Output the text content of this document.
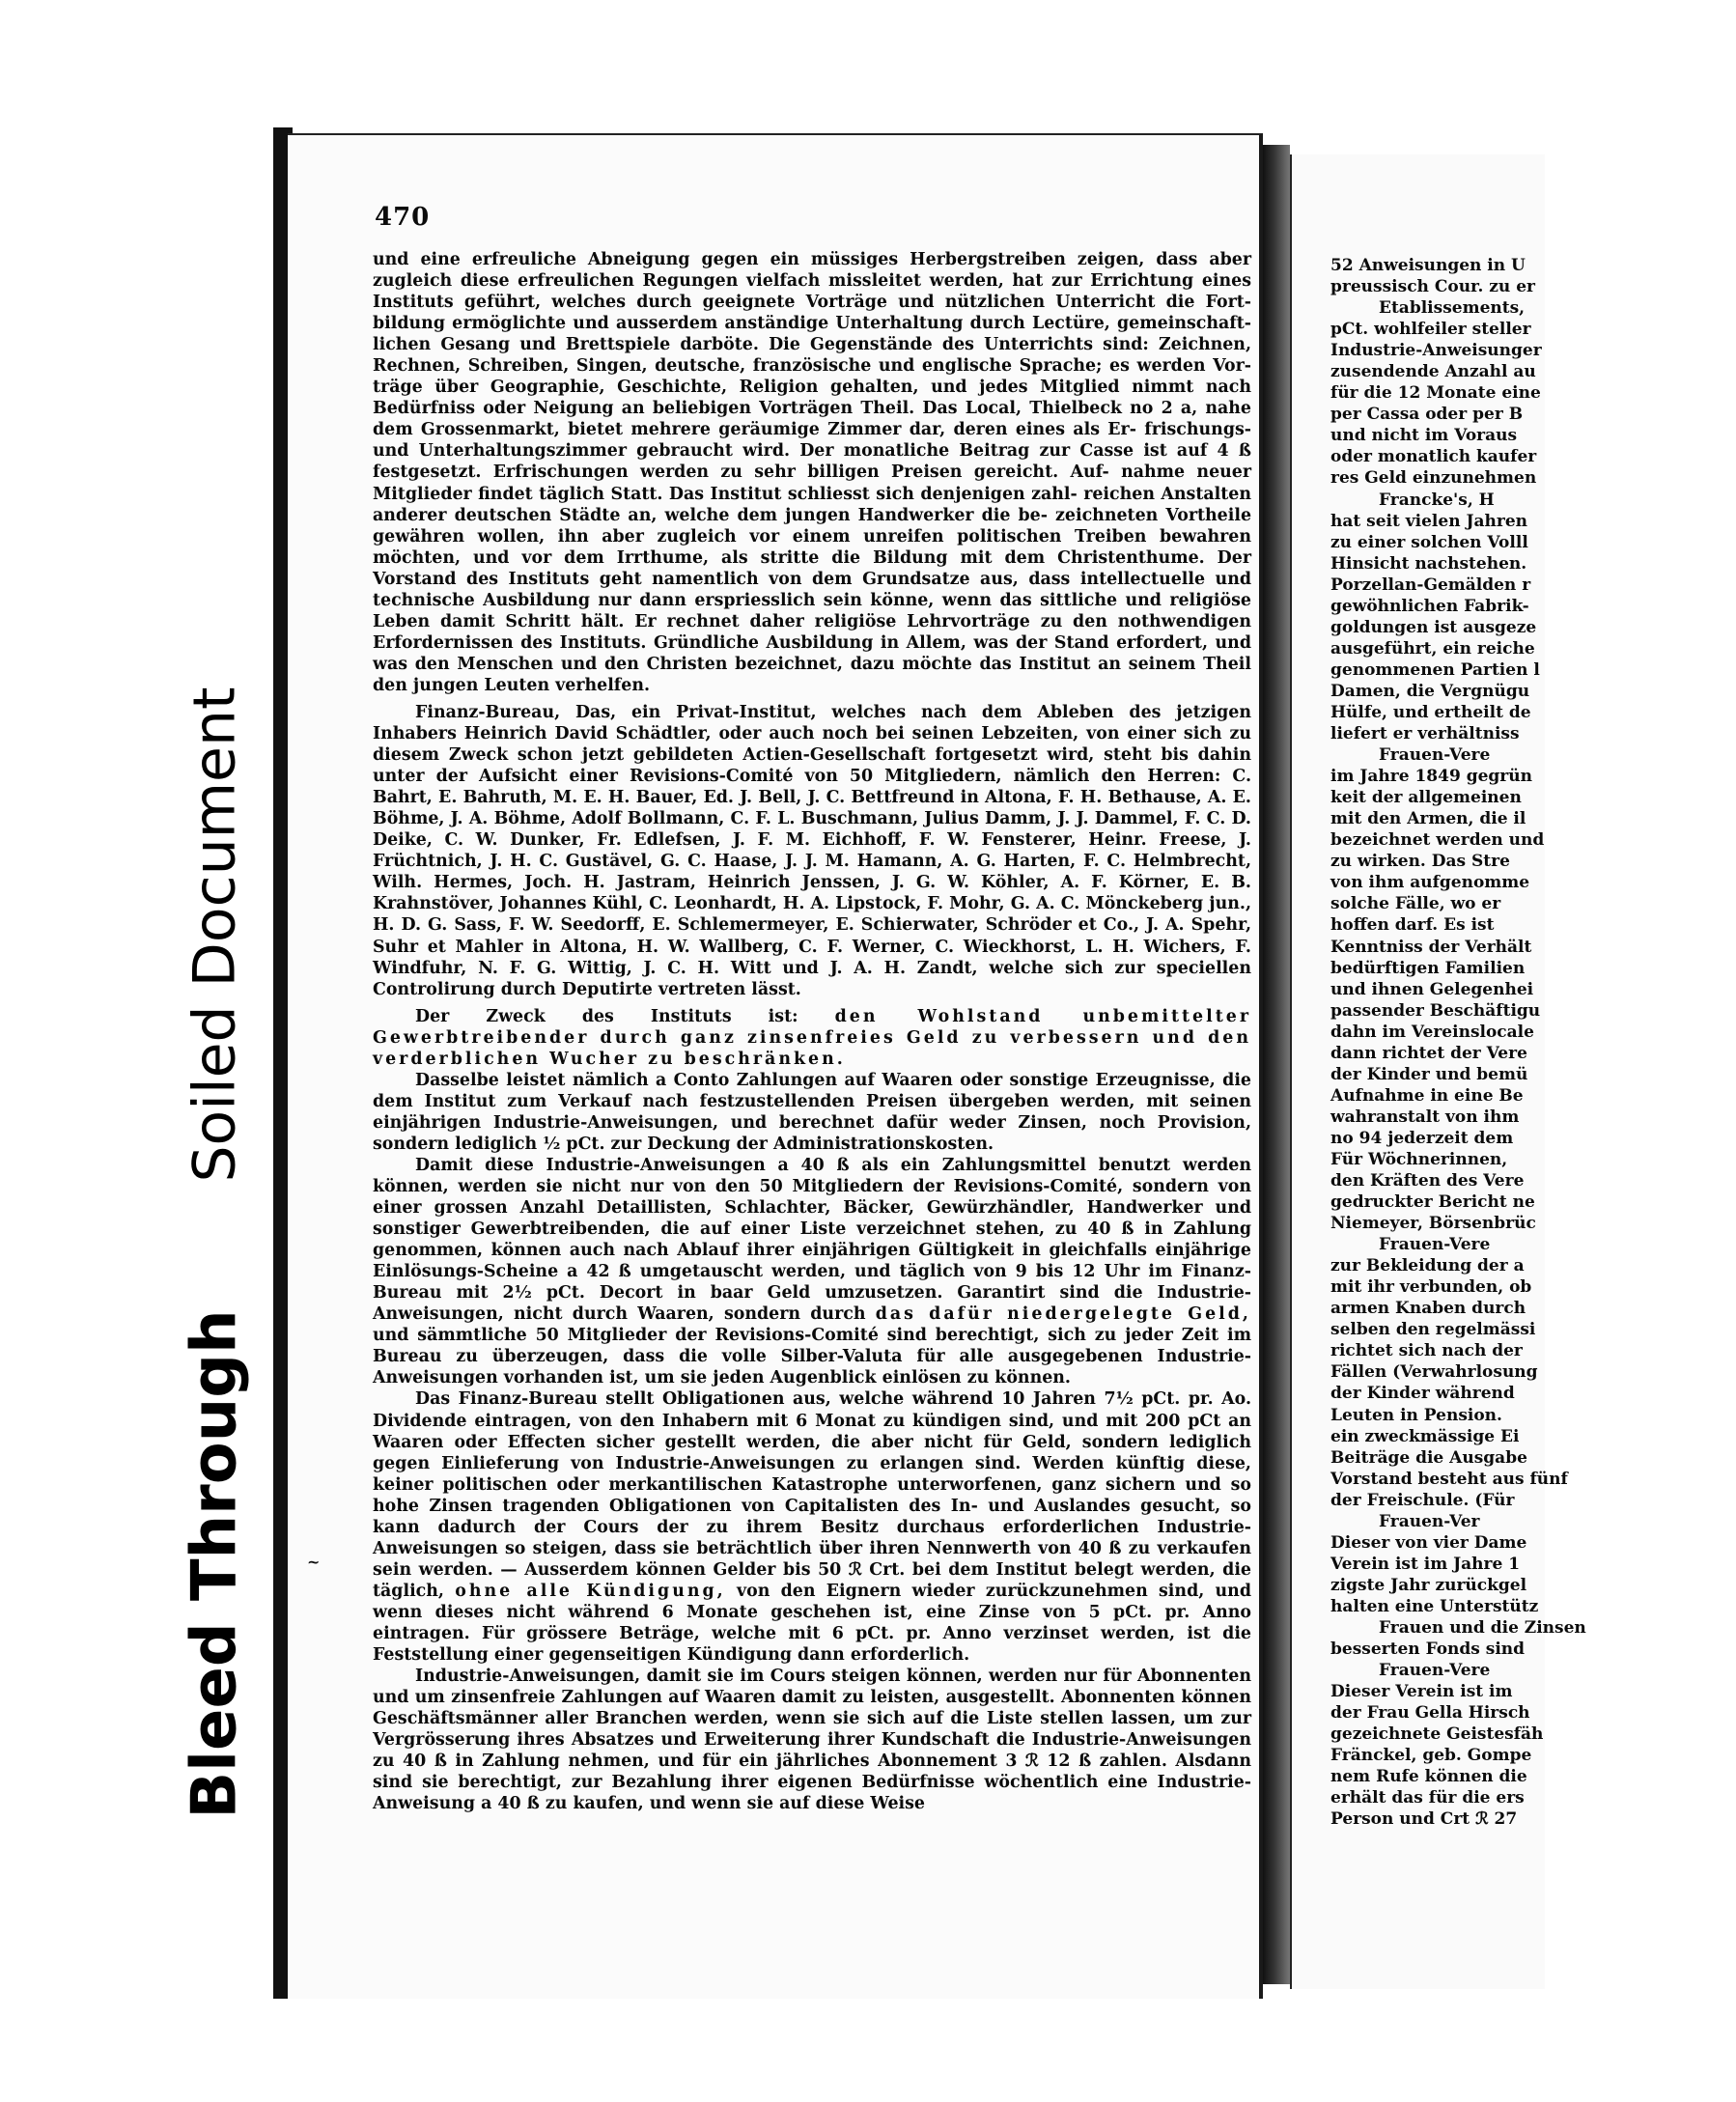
470

und eine erfreuliche Abneigung gegen ein müssiges Herbergstreiben zeigen, dass aber zugleich diese erfreulichen Regungen vielfach missleitet werden, hat zur Errichtung eines Instituts geführt, welches durch geeignete Vorträge und nützlichen Unterricht die Fort- bildung ermöglichte und ausserdem anständige Unterhaltung durch Lectüre, gemeinschaft- lichen Gesang und Brettspiele darböte. Die Gegenstände des Unterrichts sind: Zeichnen, Rechnen, Schreiben, Singen, deutsche, französische und englische Sprache; es werden Vor- träge über Geographie, Geschichte, Religion gehalten, und jedes Mitglied nimmt nach Bedürfniss oder Neigung an beliebigen Vorträgen Theil. Das Local, Thielbeck no 2 a, nahe dem Grossenmarkt, bietet mehrere geräumige Zimmer dar, deren eines als Er- frischungs- und Unterhaltungszimmer gebraucht wird. Der monatliche Beitrag zur Casse ist auf 4 ß festgesetzt. Erfrischungen werden zu sehr billigen Preisen gereicht. Auf- nahme neuer Mitglieder findet täglich Statt. Das Institut schliesst sich denjenigen zahl- reichen Anstalten anderer deutschen Städte an, welche dem jungen Handwerker die be- zeichneten Vortheile gewähren wollen, ihn aber zugleich vor einem unreifen politischen Treiben bewahren möchten, und vor dem Irrthume, als stritte die Bildung mit dem Christenthume. Der Vorstand des Instituts geht namentlich von dem Grundsatze aus, dass intellectuelle und technische Ausbildung nur dann erspriesslich sein könne, wenn das sittliche und religiöse Leben damit Schritt hält. Er rechnet daher religiöse Lehrvorträge zu den nothwendigen Erfordernissen des Instituts. Gründliche Ausbildung in Allem, was der Stand erfordert, und was den Menschen und den Christen bezeichnet, dazu möchte das Institut an seinem Theil den jungen Leuten verhelfen.

Finanz-Bureau, Das, ein Privat-Institut, welches nach dem Ableben des jetzigen Inhabers Heinrich David Schädtler, oder auch noch bei seinen Lebzeiten, von einer sich zu diesem Zweck schon jetzt gebildeten Actien-Gesellschaft fortgesetzt wird, steht bis dahin unter der Aufsicht einer Revisions-Comité von 50 Mitgliedern, nämlich den Herren: C. Bahrt, E. Bahruth, M. E. H. Bauer, Ed. J. Bell, J. C. Bettfreund in Altona, F. H. Bethause, A. E. Böhme, J. A. Böhme, Adolf Bollmann, C. F. L. Buschmann, Julius Damm, J. J. Dammel, F. C. D. Deike, C. W. Dunker, Fr. Edlefsen, J. F. M. Eichhoff, F. W. Fensterer, Heinr. Freese, J. Früchtnich, J. H. C. Gustävel, G. C. Haase, J. J. M. Hamann, A. G. Harten, F. C. Helmbrecht, Wilh. Hermes, Joch. H. Jastram, Heinrich Jenssen, J. G. W. Köhler, A. F. Körner, E. B. Krahnstöver, Johannes Kühl, C. Leonhardt, H. A. Lipstock, F. Mohr, G. A. C. Mönckeberg jun., H. D. G. Sass, F. W. Seedorff, E. Schlemermeyer, E. Schierwater, Schröder et Co., J. A. Spehr, Suhr et Mahler in Altona, H. W. Wallberg, C. F. Werner, C. Wieckhorst, L. H. Wichers, F. Windfuhr, N. F. G. Wittig, J. C. H. Witt und J. A. H. Zandt, welche sich zur speciellen Controlirung durch Deputirte vertreten lässt.

Der Zweck des Instituts ist: den Wohlstand unbemittelter Gewerbtreibender durch ganz zinsenfreies Geld zu verbessern und den verderblichen Wucher zu beschränken.

Dasselbe leistet nämlich a Conto Zahlungen auf Waaren oder sonstige Erzeugnisse, die dem Institut zum Verkauf nach festzustellenden Preisen übergeben werden, mit seinen einjährigen Industrie-Anweisungen, und berechnet dafür weder Zinsen, noch Provision, sondern lediglich ½ pCt. zur Deckung der Administrationskosten.

Damit diese Industrie-Anweisungen a 40 ß als ein Zahlungsmittel benutzt werden können, werden sie nicht nur von den 50 Mitgliedern der Revisions-Comité, sondern von einer grossen Anzahl Detaillisten, Schlachter, Bäcker, Gewürzhändler, Handwerker und sonstiger Gewerbtreibenden, die auf einer Liste verzeichnet stehen, zu 40 ß in Zahlung genommen, können auch nach Ablauf ihrer einjährigen Gültigkeit in gleichfalls einjährige Einlösungs-Scheine a 42 ß umgetauscht werden, und täglich von 9 bis 12 Uhr im Finanz-Bureau mit 2½ pCt. Decort in baar Geld umzusetzen. Garantirt sind die Industrie-Anweisungen, nicht durch Waaren, sondern durch das dafür niedergelegte Geld, und sämmtliche 50 Mitglieder der Revisions-Comité sind berechtigt, sich zu jeder Zeit im Bureau zu überzeugen, dass die volle Silber-Valuta für alle ausgegebenen Industrie-Anweisungen vorhanden ist, um sie jeden Augenblick einlösen zu können.

Das Finanz-Bureau stellt Obligationen aus, welche während 10 Jahren 7½ pCt. pr. Ao. Dividende eintragen, von den Inhabern mit 6 Monat zu kündigen sind, und mit 200 pCt an Waaren oder Effecten sicher gestellt werden, die aber nicht für Geld, sondern lediglich gegen Einlieferung von Industrie-Anweisungen zu erlangen sind. Werden künftig diese, keiner politischen oder merkantilischen Katastrophe unterworfenen, ganz sichern und so hohe Zinsen tragenden Obligationen von Capitalisten des In- und Auslandes gesucht, so kann dadurch der Cours der zu ihrem Besitz durchaus erforderlichen Industrie-Anweisungen so steigen, dass sie beträchtlich über ihren Nennwerth von 40 ß zu verkaufen sein werden. — Ausserdem können Gelder bis 50 ℛ Crt. bei dem Institut belegt werden, die täglich, ohne alle Kündigung, von den Eignern wieder zurückzunehmen sind, und wenn dieses nicht während 6 Monate geschehen ist, eine Zinse von 5 pCt. pr. Anno eintragen. Für grössere Beträge, welche mit 6 pCt. pr. Anno verzinset werden, ist die Feststellung einer gegenseitigen Kündigung dann erforderlich.

Industrie-Anweisungen, damit sie im Cours steigen können, werden nur für Abonnenten und um zinsenfreie Zahlungen auf Waaren damit zu leisten, ausgestellt. Abonnenten können Geschäftsmänner aller Branchen werden, wenn sie sich auf die Liste stellen lassen, um zur Vergrösserung ihres Absatzes und Erweiterung ihrer Kundschaft die Industrie-Anweisungen zu 40 ß in Zahlung nehmen, und für ein jährliches Abonnement 3 ℛ 12 ß zahlen. Alsdann sind sie berechtigt, zur Bezahlung ihrer eigenen Bedürfnisse wöchentlich eine Industrie-Anweisung a 40 ß zu kaufen, und wenn sie auf diese Weise

~
52 Anweisungen in U
preussisch Cour. zu er
Etablissements,
pCt. wohlfeiler steller
Industrie-Anweisunger
zusendende Anzahl au
für die 12 Monate eine
per Cassa oder per B
und nicht im Voraus
oder monatlich kaufer
res Geld einzunehmen
Francke's, H
hat seit vielen Jahren
zu einer solchen Volll
Hinsicht nachstehen.
Porzellan-Gemälden r
gewöhnlichen Fabrik-
goldungen ist ausgeze
ausgeführt, ein reiche
genommenen Partien l
Damen, die Vergnügu
Hülfe, und ertheilt de
liefert er verhältniss
Frauen-Vere
im Jahre 1849 gegrün
keit der allgemeinen
mit den Armen, die il
bezeichnet werden und
zu wirken. Das Stre
von ihm aufgenomme
solche Fälle, wo er
hoffen darf. Es ist
Kenntniss der Verhält
bedürftigen Familien
und ihnen Gelegenhei
passender Beschäftigu
dahn im Vereinslocale
dann richtet der Vere
der Kinder und bemü
Aufnahme in eine Be
wahranstalt von ihm
no 94 jederzeit dem
Für Wöchnerinnen,
den Kräften des Vere
gedruckter Bericht ne
Niemeyer, Börsenbrüc
Frauen-Vere
zur Bekleidung der a
mit ihr verbunden, ob
armen Knaben durch
selben den regelmässi
richtet sich nach der
Fällen (Verwahrlosung
der Kinder während
Leuten in Pension.
ein zweckmässige Ei
Beiträge die Ausgabe
Vorstand besteht aus fünf
der Freischule. (Für
Frauen-Ver
Dieser von vier Dame
Verein ist im Jahre 1
zigste Jahr zurückgel
halten eine Unterstütz
Frauen und die Zinsen
besserten Fonds sind
Frauen-Vere
Dieser Verein ist im
der Frau Gella Hirsch
gezeichnete Geistesfäh
Fränckel, geb. Gompe
nem Rufe können die
erhält das für die ers
Person und Crt ℛ 27
Soiled Document
Bleed Through
